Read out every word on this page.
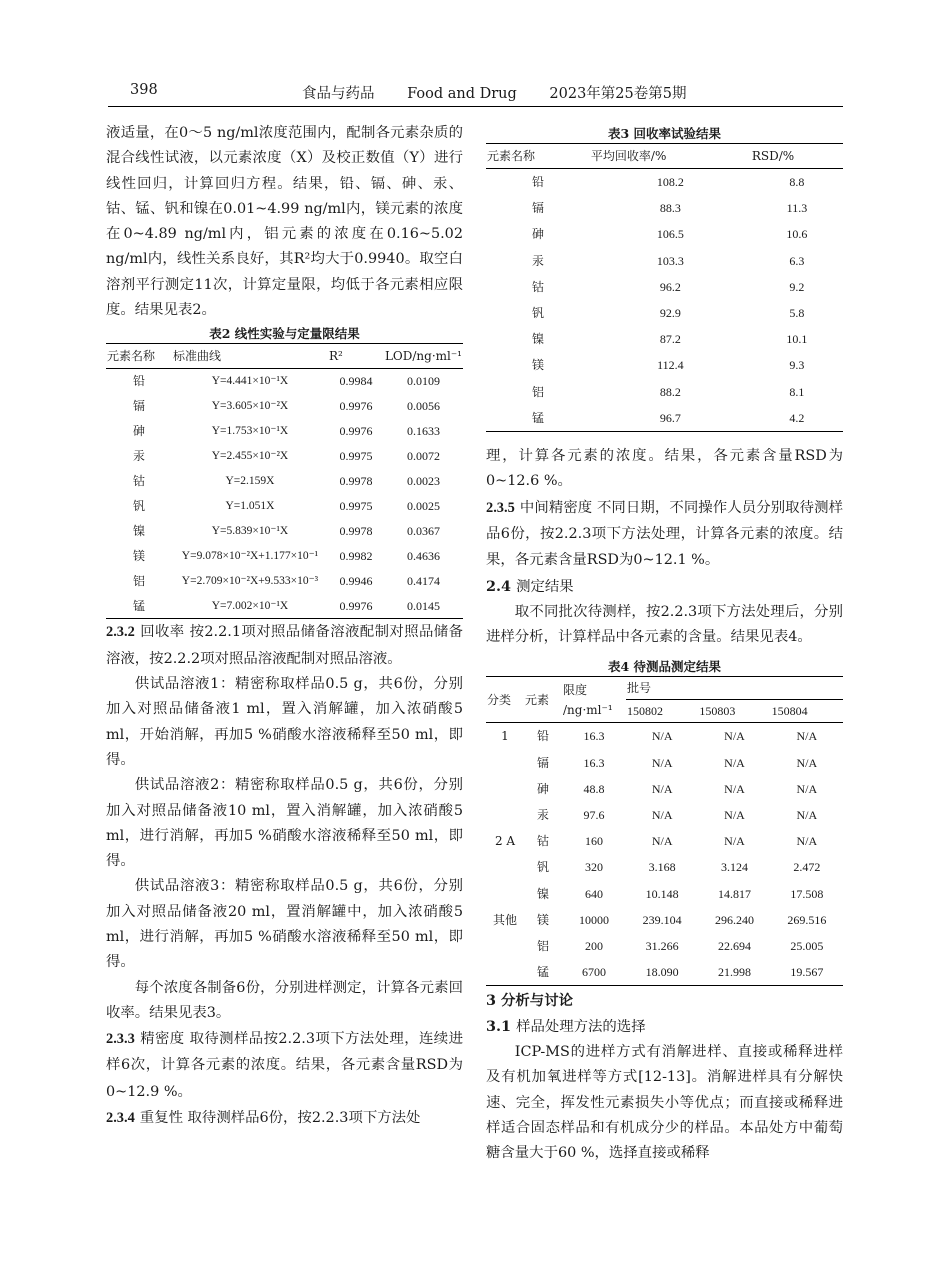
398	食品与药品 Food and Drug 2023年第25卷第5期

液适量，在0～5 ng/ml浓度范围内，配制各元素杂质的混合线性试液，以元素浓度（X）及校正数值（Y）进行线性回归，计算回归方程。结果，铅、镉、砷、汞、钴、锰、钒和镍在0.01~4.99 ng/ml内，镁元素的浓度在0~4.89 ng/ml内，铝元素的浓度在0.16~5.02 ng/ml内，线性关系良好，其R²均大于0.9940。取空白溶剂平行测定11次，计算定量限，均低于各元素相应限度。结果见表2。

表2 线性实验与定量限结果
元素名称	标准曲线	R²	LOD/ng·ml⁻¹
铅	Y=4.441×10⁻¹X	0.9984	0.0109
镉	Y=3.605×10⁻²X	0.9976	0.0056
砷	Y=1.753×10⁻¹X	0.9976	0.1633
汞	Y=2.455×10⁻²X	0.9975	0.0072
钴	Y=2.159X	0.9978	0.0023
钒	Y=1.051X	0.9975	0.0025
镍	Y=5.839×10⁻¹X	0.9978	0.0367
镁	Y=9.078×10⁻²X+1.177×10⁻¹	0.9982	0.4636
铝	Y=2.709×10⁻²X+9.533×10⁻³	0.9946	0.4174
锰	Y=7.002×10⁻¹X	0.9976	0.0145

2.3.2 回收率 按2.2.1项对照品储备溶液配制对照品储备溶液，按2.2.2项对照品溶液配制对照品溶液。

供试品溶液1：精密称取样品0.5 g，共6份，分别加入对照品储备液1 ml，置入消解罐，加入浓硝酸5 ml，开始消解，再加5 %硝酸水溶液稀释至50 ml，即得。

供试品溶液2：精密称取样品0.5 g，共6份，分别加入对照品储备液10 ml，置入消解罐，加入浓硝酸5 ml，进行消解，再加5 %硝酸水溶液稀释至50 ml，即得。

供试品溶液3：精密称取样品0.5 g，共6份，分别加入对照品储备液20 ml，置消解罐中，加入浓硝酸5 ml，进行消解，再加5 %硝酸水溶液稀释至50 ml，即得。

每个浓度各制备6份，分别进样测定，计算各元素回收率。结果见表3。

2.3.3 精密度 取待测样品按2.2.3项下方法处理，连续进样6次，计算各元素的浓度。结果，各元素含量RSD为0~12.9 %。

2.3.4 重复性 取待测样品6份，按2.2.3项下方法处

表3 回收率试验结果
元素名称	平均回收率/%	RSD/%
铅	108.2	8.8
镉	88.3	11.3
砷	106.5	10.6
汞	103.3	6.3
钴	96.2	9.2
钒	92.9	5.8
镍	87.2	10.1
镁	112.4	9.3
铝	88.2	8.1
锰	96.7	4.2

理，计算各元素的浓度。结果，各元素含量RSD为0~12.6 %。

2.3.5 中间精密度 不同日期，不同操作人员分别取待测样品6份，按2.2.3项下方法处理，计算各元素的浓度。结果，各元素含量RSD为0~12.1 %。

2.4 测定结果

取不同批次待测样，按2.2.3项下方法处理后，分别进样分析，计算样品中各元素的含量。结果见表4。

表4 待测品测定结果
分类	元素	限度
/ng·ml⁻¹	批号		
			150802	150803	150804
1	铅	16.3	N/A	N/A	N/A
	镉	16.3	N/A	N/A	N/A
	砷	48.8	N/A	N/A	N/A
	汞	97.6	N/A	N/A	N/A
2 A	钴	160	N/A	N/A	N/A
	钒	320	3.168	3.124	2.472
	镍	640	10.148	14.817	17.508
其他	镁	10000	239.104	296.240	269.516
	铝	200	31.266	22.694	25.005
	锰	6700	18.090	21.998	19.567

3 分析与讨论

3.1 样品处理方法的选择

ICP-MS的进样方式有消解进样、直接或稀释进样及有机加氧进样等方式[12-13]。消解进样具有分解快速、完全，挥发性元素损失小等优点；而直接或稀释进样适合固态样品和有机成分少的样品。本品处方中葡萄糖含量大于60 %，选择直接或稀释
